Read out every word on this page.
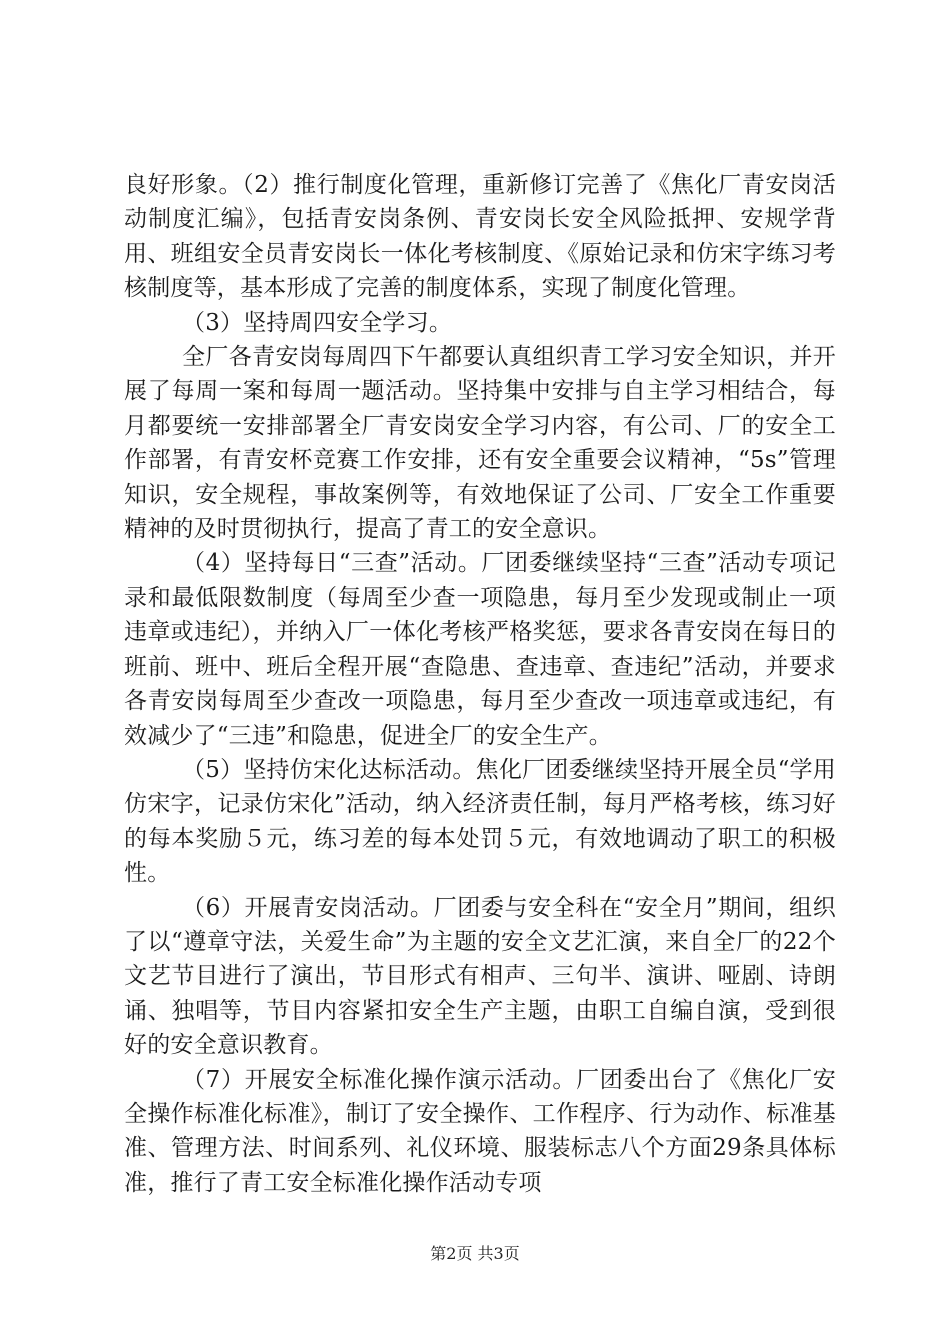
良好形象。（2）推行制度化管理，重新修订完善了《焦化厂青安岗活动制度汇编》，包括青安岗条例、青安岗长安全风险抵押、安规学背用、班组安全员青安岗长一体化考核制度、《原始记录和仿宋字练习考核制度等，基本形成了完善的制度体系，实现了制度化管理。

（3）坚持周四安全学习。

全厂各青安岗每周四下午都要认真组织青工学习安全知识，并开展了每周一案和每周一题活动。坚持集中安排与自主学习相结合，每月都要统一安排部署全厂青安岗安全学习内容，有公司、厂的安全工作部署，有青安杯竞赛工作安排，还有安全重要会议精神，“5s”管理知识，安全规程，事故案例等，有效地保证了公司、厂安全工作重要精神的及时贯彻执行，提高了青工的安全意识。

（4）坚持每日“三查”活动。厂团委继续坚持“三查”活动专项记录和最低限数制度（每周至少查一项隐患，每月至少发现或制止一项违章或违纪），并纳入厂一体化考核严格奖惩，要求各青安岗在每日的班前、班中、班后全程开展“查隐患、查违章、查违纪”活动，并要求各青安岗每周至少查改一项隐患，每月至少查改一项违章或违纪，有效减少了“三违”和隐患，促进全厂的安全生产。

（5）坚持仿宋化达标活动。焦化厂团委继续坚持开展全员“学用仿宋字，记录仿宋化”活动，纳入经济责任制，每月严格考核，练习好的每本奖励５元，练习差的每本处罚５元，有效地调动了职工的积极性。

（6）开展青安岗活动。厂团委与安全科在“安全月”期间，组织了以“遵章守法，关爱生命”为主题的安全文艺汇演，来自全厂的22个文艺节目进行了演出，节目形式有相声、三句半、演讲、哑剧、诗朗诵、独唱等，节目内容紧扣安全生产主题，由职工自编自演，受到很好的安全意识教育。

（7）开展安全标准化操作演示活动。厂团委出台了《焦化厂安全操作标准化标准》，制订了安全操作、工作程序、行为动作、标准基准、管理方法、时间系列、礼仪环境、服装标志八个方面29条具体标准，推行了青工安全标准化操作活动专项

第2页 共3页
